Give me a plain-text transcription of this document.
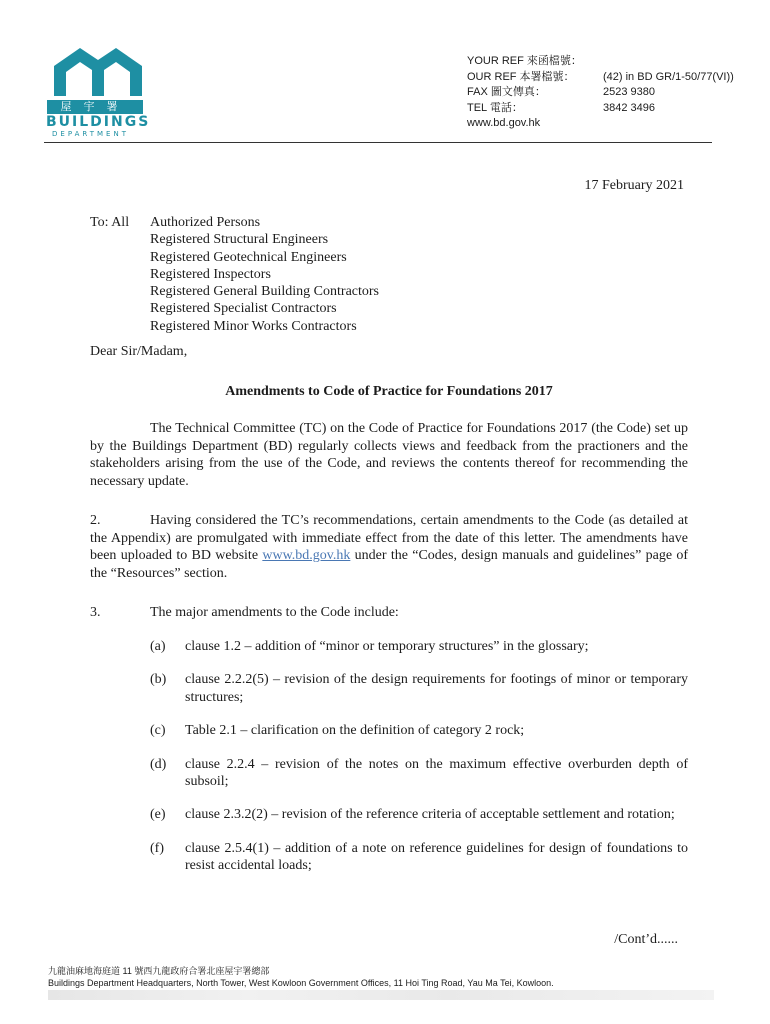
屋宇署
BUILDINGS
DEPARTMENT
YOUR REF 來函檔號：
OUR REF 本署檔號：	(42) in BD GR/1-50/77(VI))
FAX 圖文傳真：	2523 9380
TEL 電話：	3842 3496
www.bd.gov.hk
17 February 2021
To: All	Authorized Persons
Registered Structural Engineers
Registered Geotechnical Engineers
Registered Inspectors
Registered General Building Contractors
Registered Specialist Contractors
Registered Minor Works Contractors
Dear Sir/Madam,
Amendments to Code of Practice for Foundations 2017
The Technical Committee (TC) on the Code of Practice for Foundations 2017 (the Code) set up by the Buildings Department (BD) regularly collects views and feedback from the practioners and the stakeholders arising from the use of the Code, and reviews the contents thereof for recommending the necessary update.
2.	Having considered the TC’s recommendations, certain amendments to the Code (as detailed at the Appendix) are promulgated with immediate effect from the date of this letter. The amendments have been uploaded to BD website www.bd.gov.hk under the “Codes, design manuals and guidelines” page of the “Resources” section.
3.	The major amendments to the Code include:
(a)	clause 1.2 – addition of “minor or temporary structures” in the glossary;
(b)	clause 2.2.2(5) – revision of the design requirements for footings of minor or temporary structures;
(c)	Table 2.1 – clarification on the definition of category 2 rock;
(d)	clause 2.2.4 – revision of the notes on the maximum effective overburden depth of subsoil;
(e)	clause 2.3.2(2) – revision of the reference criteria of acceptable settlement and rotation;
(f)	clause 2.5.4(1) – addition of a note on reference guidelines for design of foundations to resist accidental loads;
/Cont’d......
九龍油麻地海庭道 11 號西九龍政府合署北座屋宇署總部
Buildings Department Headquarters, North Tower, West Kowloon Government Offices, 11 Hoi Ting Road, Yau Ma Tei, Kowloon.
